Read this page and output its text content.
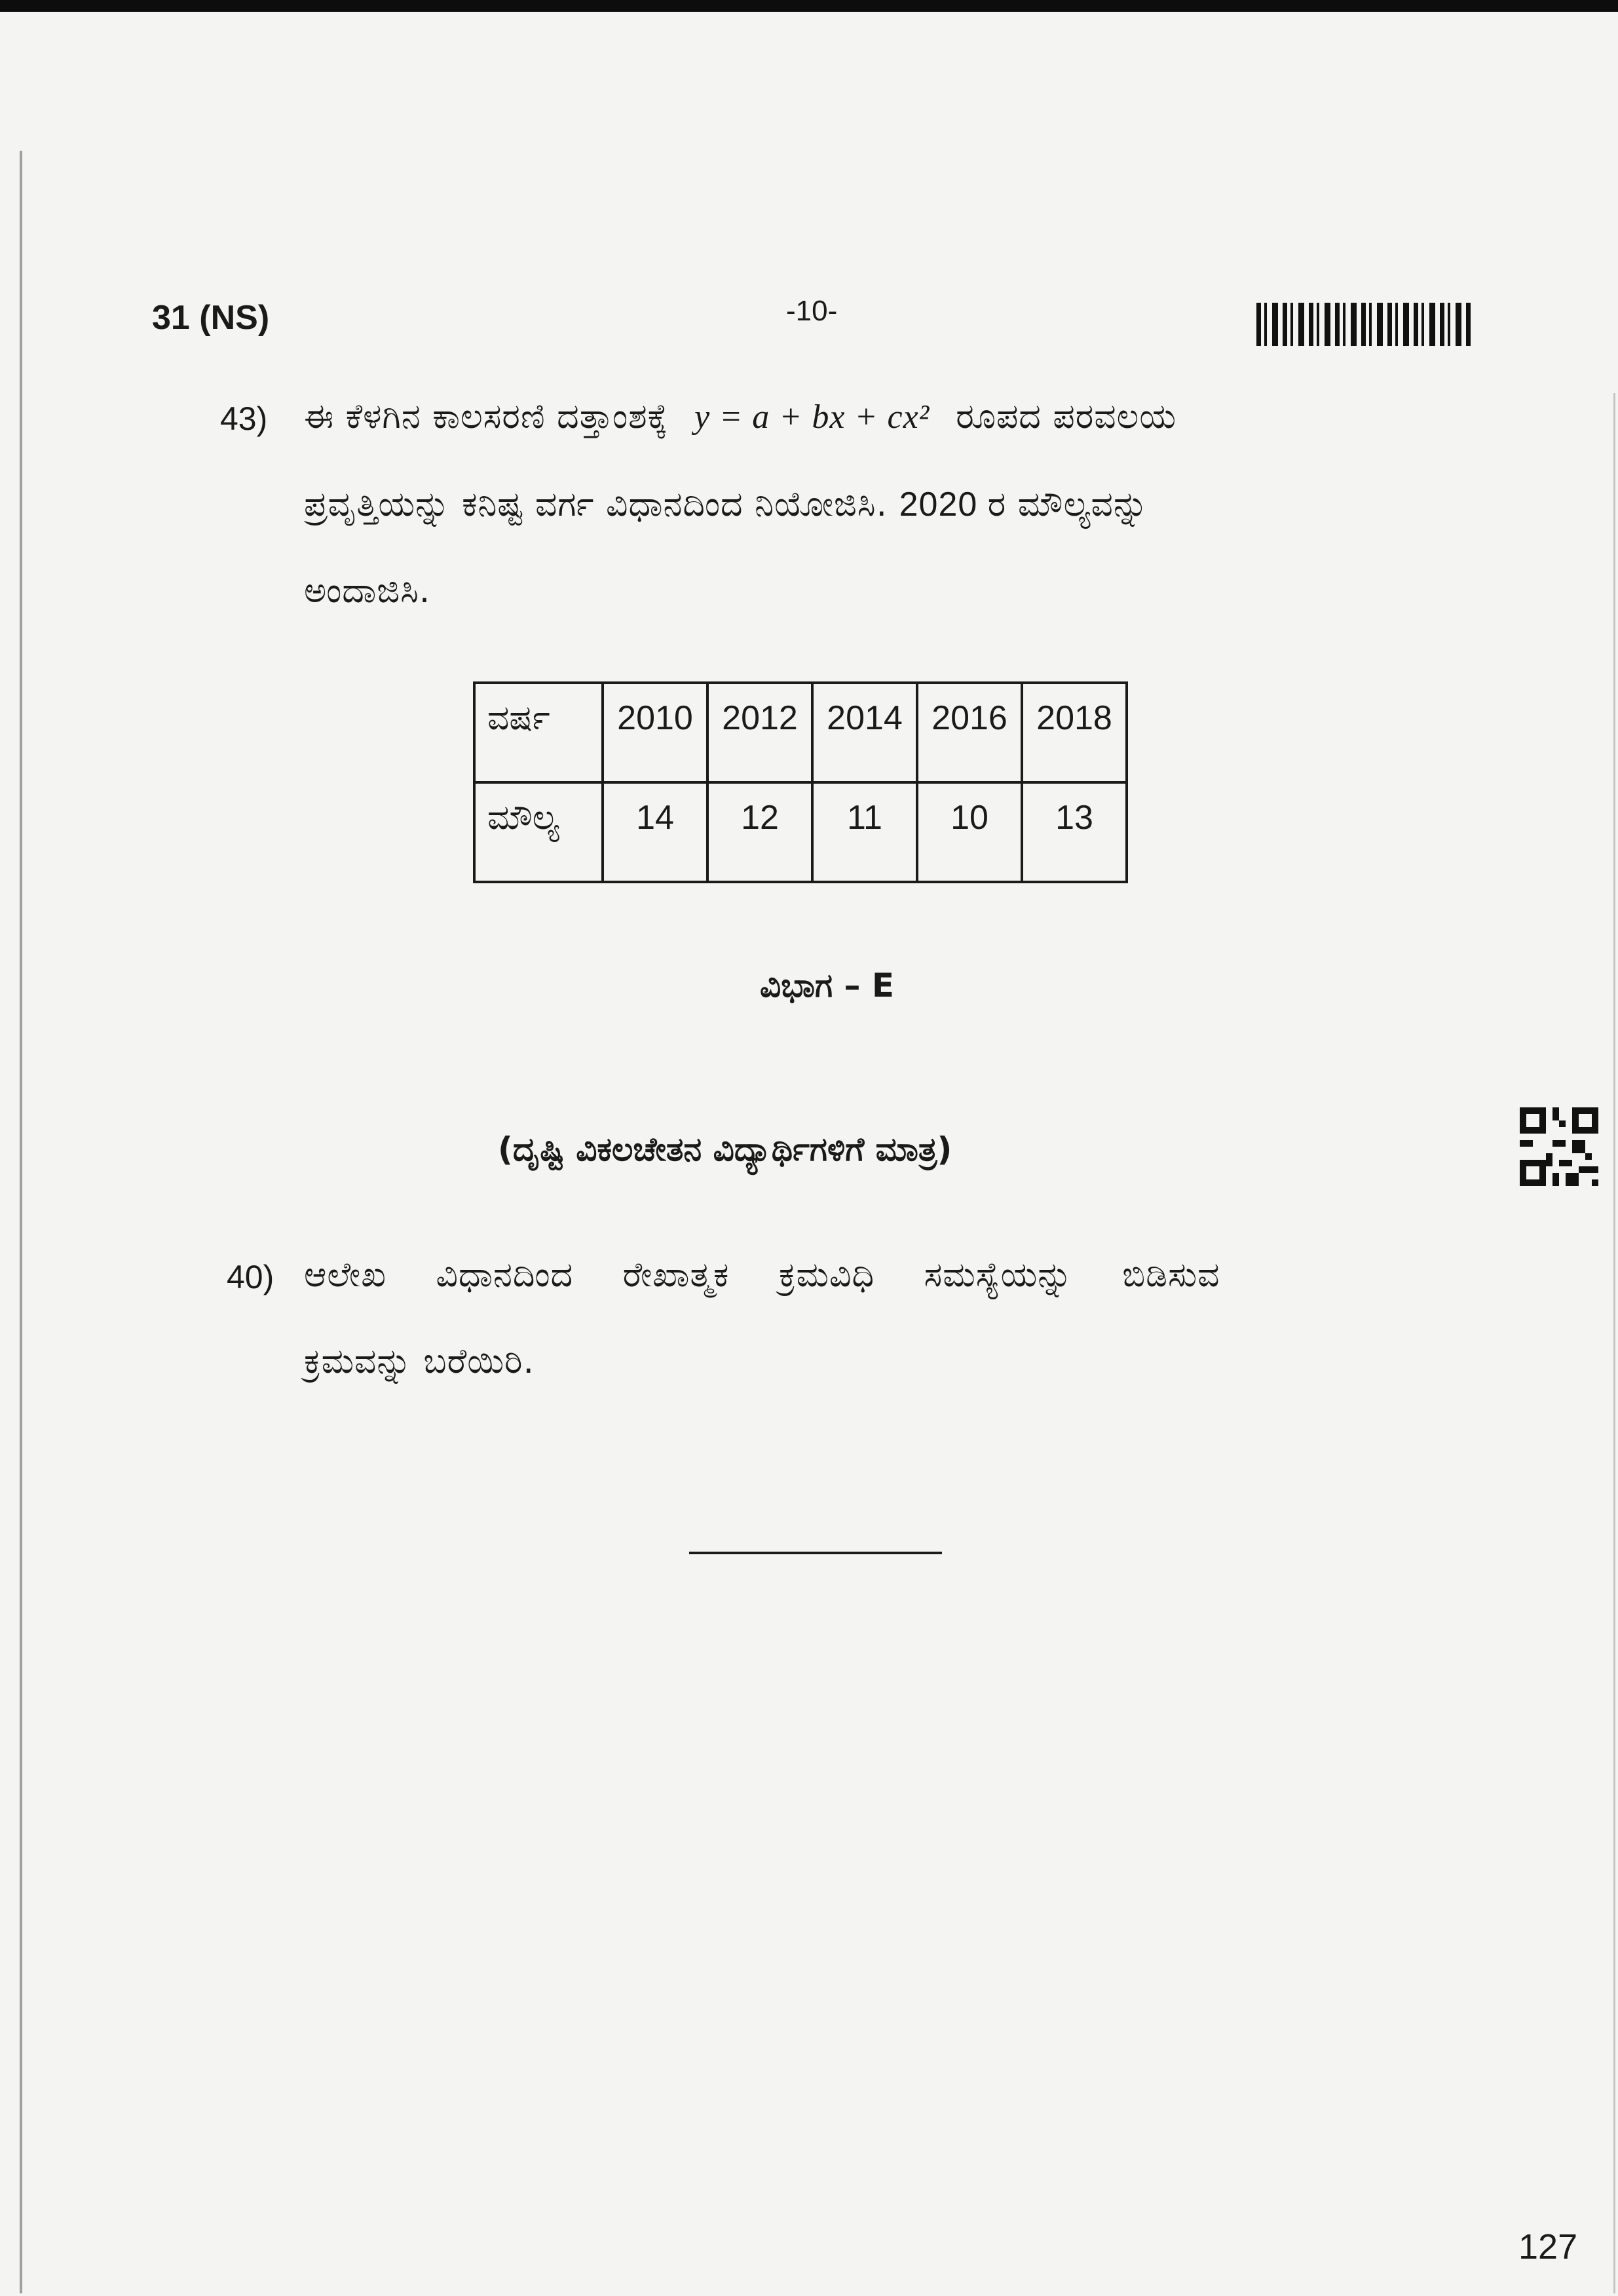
31 (NS)	-10-
43) ಈ ಕೆಳಗಿನ ಕಾಲಸರಣಿ ದತ್ತಾಂಶಕ್ಕೆ y = a + bx + cx² ರೂಪದ ಪರವಲಯ
ಪ್ರವೃತ್ತಿಯನ್ನು ಕನಿಷ್ಟ ವರ್ಗ ವಿಧಾನದಿಂದ ನಿಯೋಜಿಸಿ. 2020 ರ ಮೌಲ್ಯವನ್ನು
ಅಂದಾಜಿಸಿ.
ವರ್ಷ	2010	2012	2014	2016	2018
ಮೌಲ್ಯ	14	12	11	10	13
ವಿಭಾಗ – E
(ದೃಷ್ಟಿ ವಿಕಲಚೇತನ ವಿದ್ಯಾರ್ಥಿಗಳಿಗೆ ಮಾತ್ರ)
40) ಆಲೇಖ ವಿಧಾನದಿಂದ ರೇಖಾತ್ಮಕ ಕ್ರಮವಿಧಿ ಸಮಸ್ಯೆಯನ್ನು ಬಿಡಿಸುವ
ಕ್ರಮವನ್ನು ಬರೆಯಿರಿ.
127
